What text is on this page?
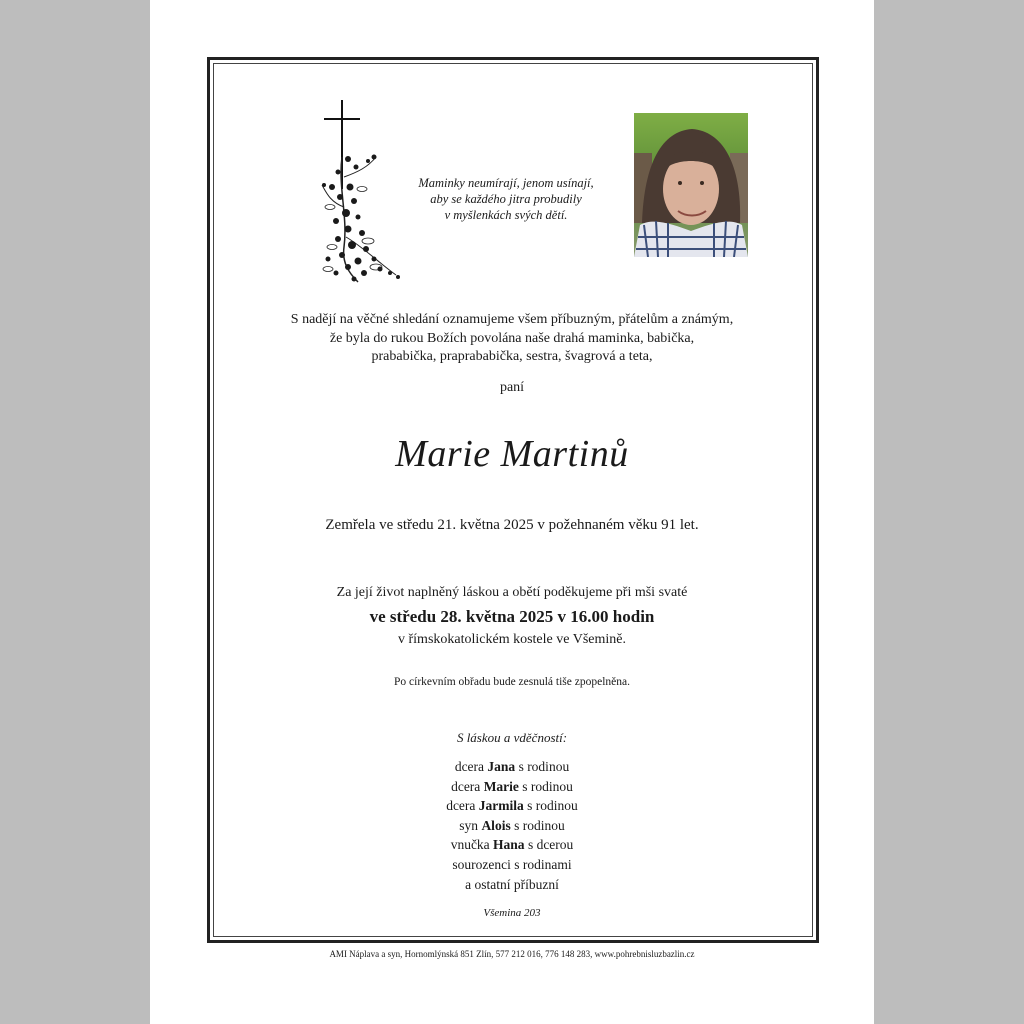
Maminky neumírají, jenom usínají,
aby se každého jitra probudily
v myšlenkách svých dětí.
S nadějí na věčné shledání oznamujeme všem příbuzným, přátelům a známým,
že byla do rukou Božích povolána naše drahá maminka, babička,
prababička, praprababička, sestra, švagrová a teta,
paní
Marie Martinů
Zemřela ve středu 21. května 2025 v požehnaném věku 91 let.
Za její život naplněný láskou a obětí poděkujeme při mši svaté
ve středu 28. května 2025 v 16.00 hodin
v římskokatolickém kostele ve Všemině.
Po církevním obřadu bude zesnulá tiše zpopelněna.
S láskou a vděčností:
dcera Jana s rodinou
dcera Marie s rodinou
dcera Jarmila s rodinou
syn Alois s rodinou
vnučka Hana s dcerou
sourozenci s rodinami
a ostatní příbuzní
Všemina 203
AMI Náplava a syn, Hornomlýnská 851 Zlín, 577 212 016, 776 148 283, www.pohrebnisluzbazlin.cz
